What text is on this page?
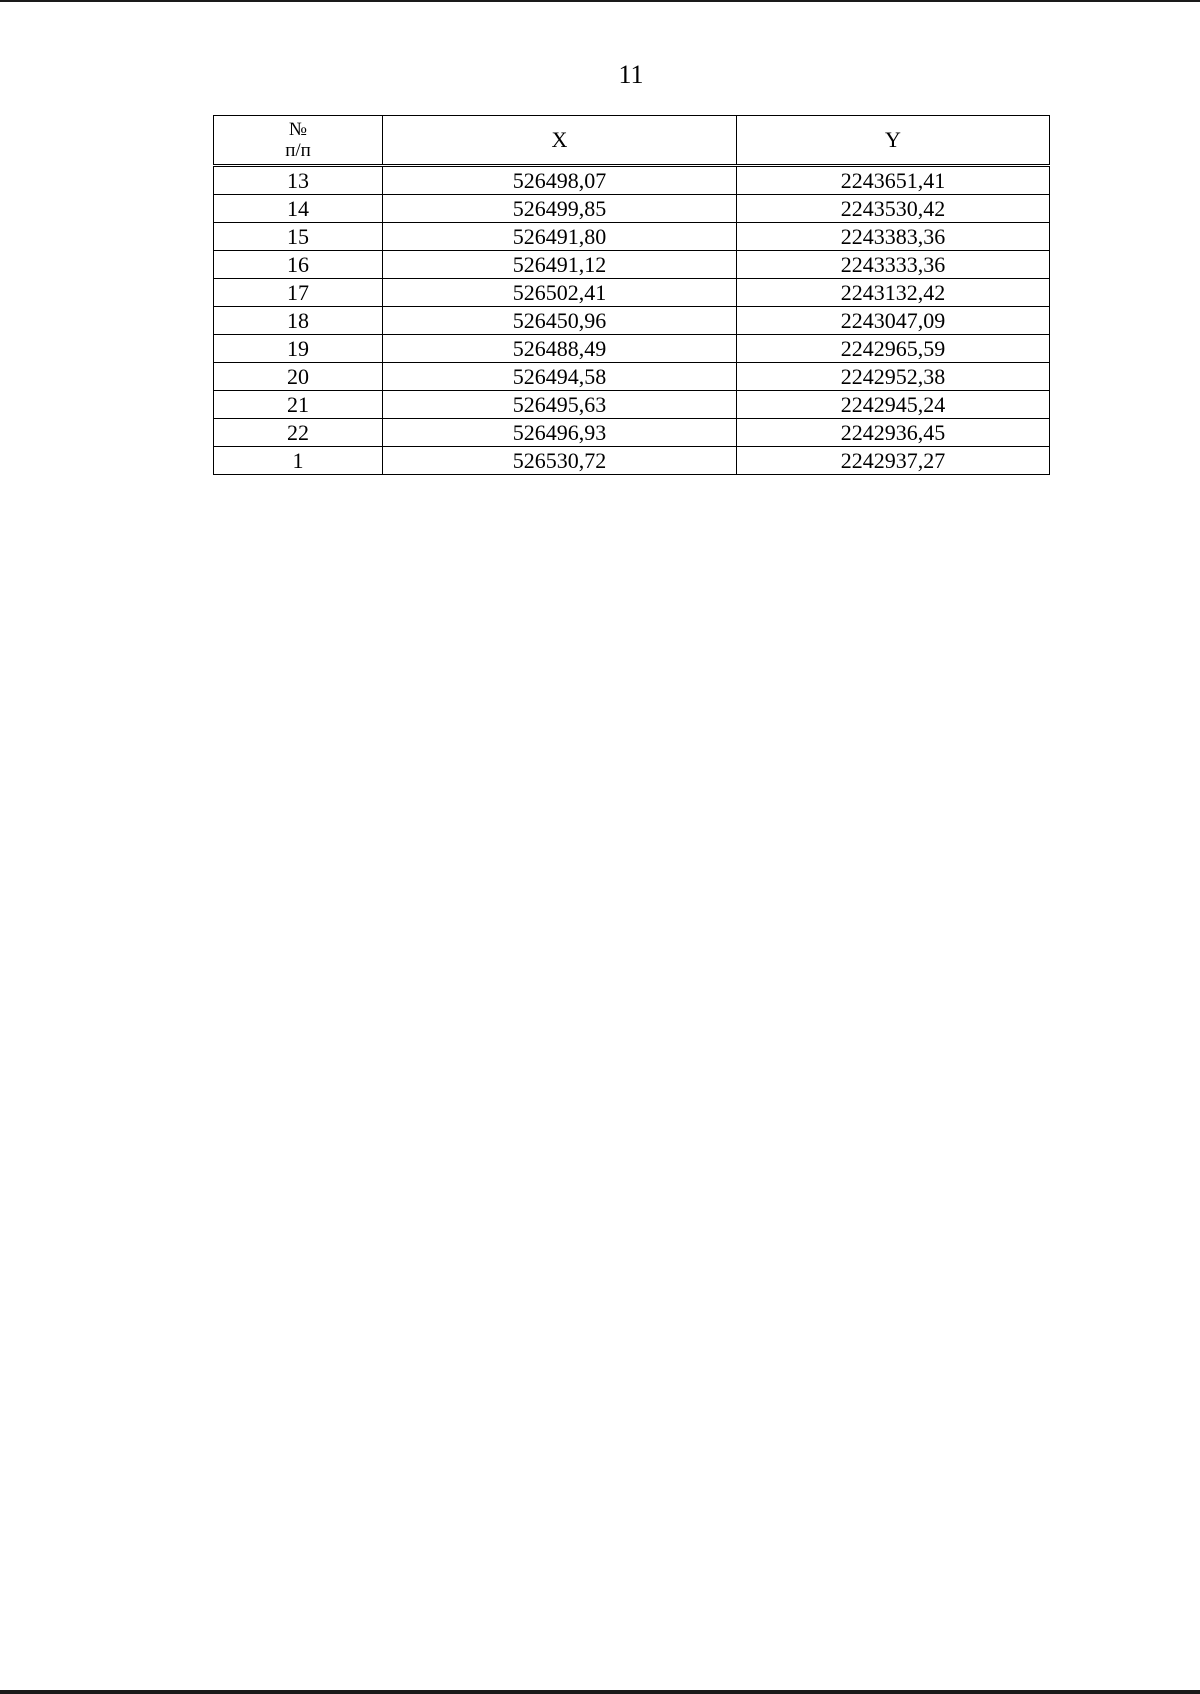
11
№
п/п	X	Y
13	526498,07	2243651,41
14	526499,85	2243530,42
15	526491,80	2243383,36
16	526491,12	2243333,36
17	526502,41	2243132,42
18	526450,96	2243047,09
19	526488,49	2242965,59
20	526494,58	2242952,38
21	526495,63	2242945,24
22	526496,93	2242936,45
1	526530,72	2242937,27
